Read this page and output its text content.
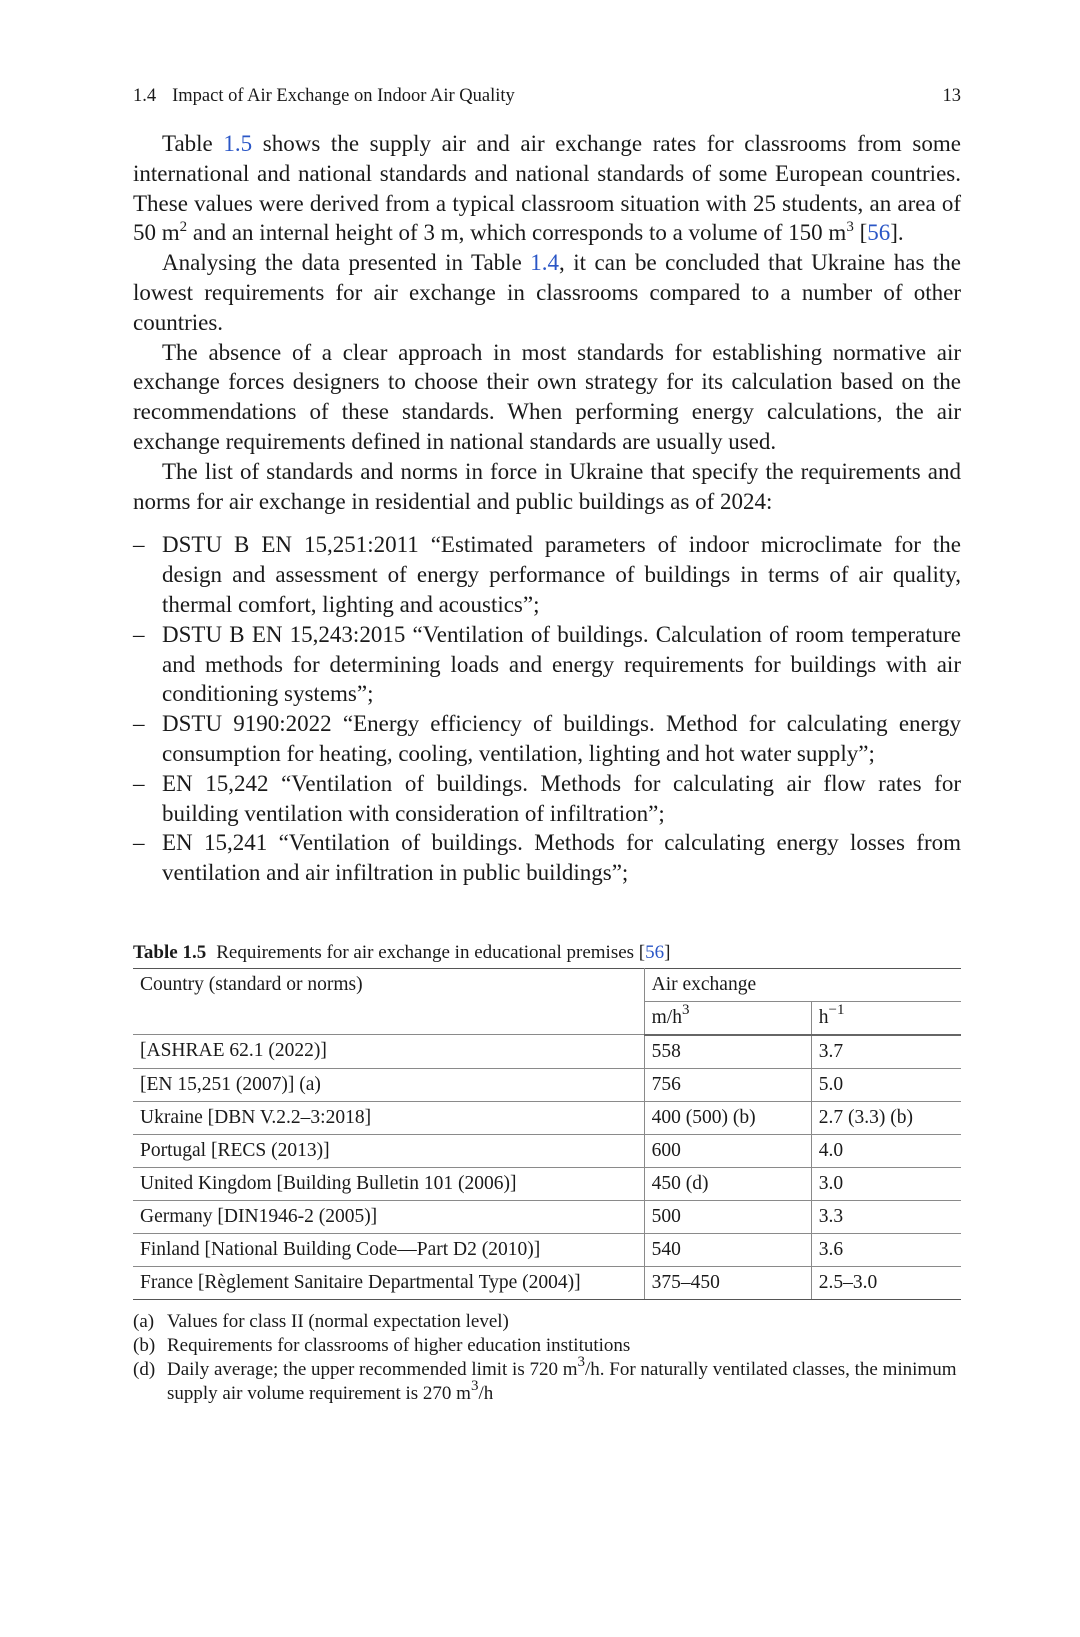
1.4 Impact of Air Exchange on Indoor Air Quality	13

Table 1.5 shows the supply air and air exchange rates for classrooms from some international and national standards and national standards of some European countries. These values were derived from a typical classroom situation with 25 students, an area of 50 $m^2$ and an internal height of 3 m, which corresponds to a volume of 150 $m^3$ [56].

Analysing the data presented in Table 1.4, it can be concluded that Ukraine has the lowest requirements for air exchange in classrooms compared to a number of other countries.

The absence of a clear approach in most standards for establishing normative air exchange forces designers to choose their own strategy for its calculation based on the recommendations of these standards. When performing energy calculations, the air exchange requirements defined in national standards are usually used.

The list of standards and norms in force in Ukraine that specify the requirements and norms for air exchange in residential and public buildings as of 2024:

– DSTU B EN 15,251:2011 “Estimated parameters of indoor microclimate for the design and assessment of energy performance of buildings in terms of air quality, thermal comfort, lighting and acoustics”;
– DSTU B EN 15,243:2015 “Ventilation of buildings. Calculation of room temperature and methods for determining loads and energy requirements for buildings with air conditioning systems”;
– DSTU 9190:2022 “Energy efficiency of buildings. Method for calculating energy consumption for heating, cooling, ventilation, lighting and hot water supply”;
– EN 15,242 “Ventilation of buildings. Methods for calculating air flow rates for building ventilation with consideration of infiltration”;
– EN 15,241 “Ventilation of buildings. Methods for calculating energy losses from ventilation and air infiltration in public buildings”;
Table 1.5 Requirements for air exchange in educational premises [56]
Country (standard or norms)	Air exchange	
	$m/h^3$	$h^{-1}$
[ASHRAE 62.1 (2022)]	558	3.7
[EN 15,251 (2007)] (a)	756	5.0
Ukraine [DBN V.2.2–3:2018]	400 (500) (b)	2.7 (3.3) (b)
Portugal [RECS (2013)]	600	4.0
United Kingdom [Building Bulletin 101 (2006)]	450 (d)	3.0
Germany [DIN1946-2 (2005)]	500	3.3
Finland [National Building Code—Part D2 (2010)]	540	3.6
France [Règlement Sanitaire Departmental Type (2004)]	375–450	2.5–3.0
(a) Values for class II (normal expectation level)
(b) Requirements for classrooms of higher education institutions
(d) Daily average; the upper recommended limit is 720 $m^3/h$. For naturally ventilated classes, the minimum supply air volume requirement is 270 $m^3/h$
